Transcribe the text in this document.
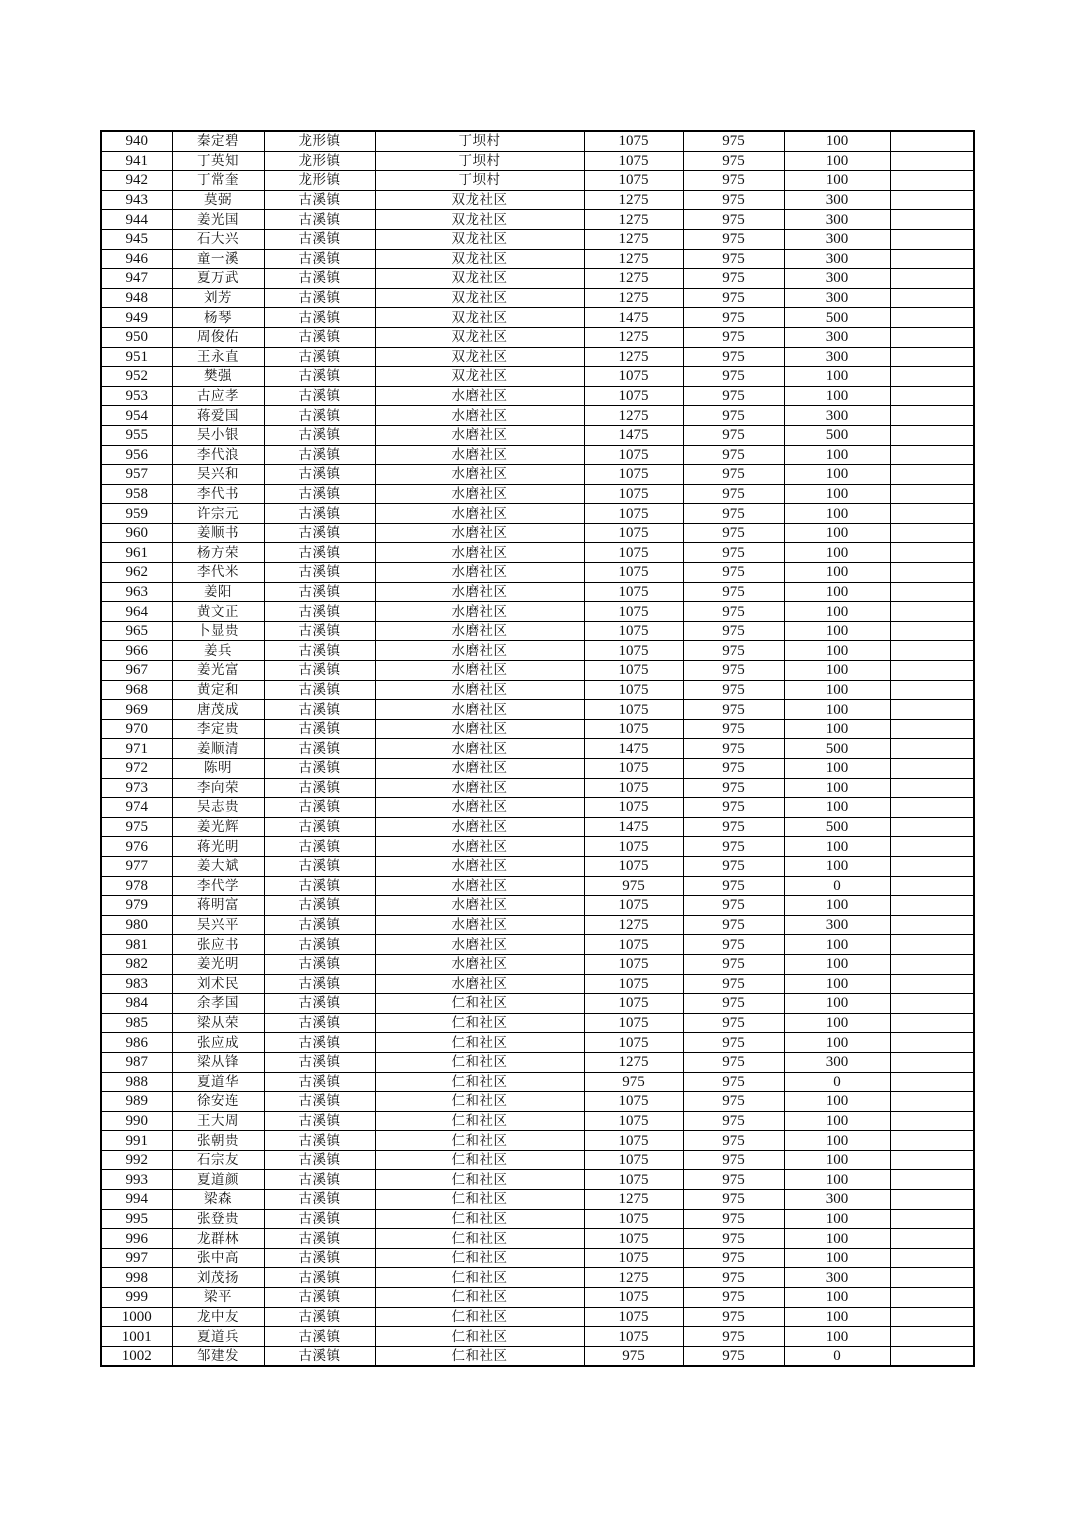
940	秦定碧	龙形镇	丁坝村	1075	975	100	
941	丁英知	龙形镇	丁坝村	1075	975	100	
942	丁常奎	龙形镇	丁坝村	1075	975	100	
943	莫弼	古溪镇	双龙社区	1275	975	300	
944	姜光国	古溪镇	双龙社区	1275	975	300	
945	石大兴	古溪镇	双龙社区	1275	975	300	
946	童一溪	古溪镇	双龙社区	1275	975	300	
947	夏万武	古溪镇	双龙社区	1275	975	300	
948	刘芳	古溪镇	双龙社区	1275	975	300	
949	杨琴	古溪镇	双龙社区	1475	975	500	
950	周俊佑	古溪镇	双龙社区	1275	975	300	
951	王永直	古溪镇	双龙社区	1275	975	300	
952	樊强	古溪镇	双龙社区	1075	975	100	
953	古应孝	古溪镇	水磨社区	1075	975	100	
954	蒋爱国	古溪镇	水磨社区	1275	975	300	
955	吴小银	古溪镇	水磨社区	1475	975	500	
956	李代浪	古溪镇	水磨社区	1075	975	100	
957	吴兴和	古溪镇	水磨社区	1075	975	100	
958	李代书	古溪镇	水磨社区	1075	975	100	
959	许宗元	古溪镇	水磨社区	1075	975	100	
960	姜顺书	古溪镇	水磨社区	1075	975	100	
961	杨方荣	古溪镇	水磨社区	1075	975	100	
962	李代米	古溪镇	水磨社区	1075	975	100	
963	姜阳	古溪镇	水磨社区	1075	975	100	
964	黄文正	古溪镇	水磨社区	1075	975	100	
965	卜显贵	古溪镇	水磨社区	1075	975	100	
966	姜兵	古溪镇	水磨社区	1075	975	100	
967	姜光富	古溪镇	水磨社区	1075	975	100	
968	黄定和	古溪镇	水磨社区	1075	975	100	
969	唐茂成	古溪镇	水磨社区	1075	975	100	
970	李定贵	古溪镇	水磨社区	1075	975	100	
971	姜顺清	古溪镇	水磨社区	1475	975	500	
972	陈明	古溪镇	水磨社区	1075	975	100	
973	李向荣	古溪镇	水磨社区	1075	975	100	
974	吴志贵	古溪镇	水磨社区	1075	975	100	
975	姜光辉	古溪镇	水磨社区	1475	975	500	
976	蒋光明	古溪镇	水磨社区	1075	975	100	
977	姜大斌	古溪镇	水磨社区	1075	975	100	
978	李代学	古溪镇	水磨社区	975	975	0	
979	蒋明富	古溪镇	水磨社区	1075	975	100	
980	吴兴平	古溪镇	水磨社区	1275	975	300	
981	张应书	古溪镇	水磨社区	1075	975	100	
982	姜光明	古溪镇	水磨社区	1075	975	100	
983	刘术民	古溪镇	水磨社区	1075	975	100	
984	余孝国	古溪镇	仁和社区	1075	975	100	
985	梁从荣	古溪镇	仁和社区	1075	975	100	
986	张应成	古溪镇	仁和社区	1075	975	100	
987	梁从锋	古溪镇	仁和社区	1275	975	300	
988	夏道华	古溪镇	仁和社区	975	975	0	
989	徐安连	古溪镇	仁和社区	1075	975	100	
990	王大周	古溪镇	仁和社区	1075	975	100	
991	张朝贵	古溪镇	仁和社区	1075	975	100	
992	石宗友	古溪镇	仁和社区	1075	975	100	
993	夏道颜	古溪镇	仁和社区	1075	975	100	
994	梁森	古溪镇	仁和社区	1275	975	300	
995	张登贵	古溪镇	仁和社区	1075	975	100	
996	龙群林	古溪镇	仁和社区	1075	975	100	
997	张中高	古溪镇	仁和社区	1075	975	100	
998	刘茂扬	古溪镇	仁和社区	1275	975	300	
999	梁平	古溪镇	仁和社区	1075	975	100	
1000	龙中友	古溪镇	仁和社区	1075	975	100	
1001	夏道兵	古溪镇	仁和社区	1075	975	100	
1002	邹建发	古溪镇	仁和社区	975	975	0	
